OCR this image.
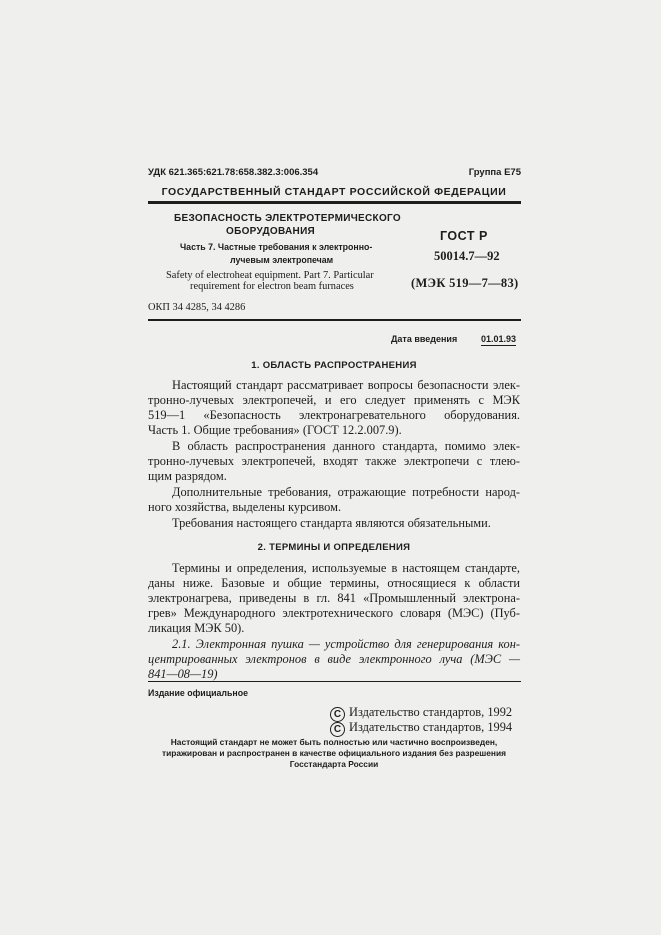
УДК 621.365:621.78:658.382.3:006.354	Группа Е75
ГОСУДАРСТВЕННЫЙ СТАНДАРТ РОССИЙСКОЙ ФЕДЕРАЦИИ
БЕЗОПАСНОСТЬ ЭЛЕКТРОТЕРМИЧЕСКОГО
ОБОРУДОВАНИЯ
Часть 7. Частные требования к электронно-
лучевым электропечам
Safety of electroheat equipment. Part 7. Particular
requirement for electron beam furnaces
ГОСТ Р
50014.7—92
(МЭК 519—7—83)
ОКП 34 4285, 34 4286
Дата введения	01.01.93
1. ОБЛАСТЬ РАСПРОСТРАНЕНИЯ
Настоящий стандарт рассматривает вопросы безопасности элек-
тронно-лучевых электропечей, и его следует применять с МЭК
519—1 «Безопасность электронагревательного оборудования.
Часть 1. Общие требования» (ГОСТ 12.2.007.9).
В область распространения данного стандарта, помимо элек-
тронно-лучевых электропечей, входят также электропечи с тлею-
щим разрядом.
Дополнительные требования, отражающие потребности народ-
ного хозяйства, выделены курсивом.
Требования настоящего стандарта являются обязательными.
2. ТЕРМИНЫ И ОПРЕДЕЛЕНИЯ
Термины и определения, используемые в настоящем стандарте,
даны ниже. Базовые и общие термины, относящиеся к области
электронагрева, приведены в гл. 841 «Промышленный электрона-
грев» Международного электротехнического словаря (МЭС) (Пуб-
ликация МЭК 50).
2.1. Электронная пушка — устройство для генерирования кон-
центрированных электронов в виде электронного луча (МЭС —
841—08—19)
Издание официальное
C Издательство стандартов, 1992
C Издательство стандартов, 1994
Настоящий стандарт не может быть полностью или частично воспроизведен,
тиражирован и распространен в качестве официального издания без разрешения
Госстандарта России
